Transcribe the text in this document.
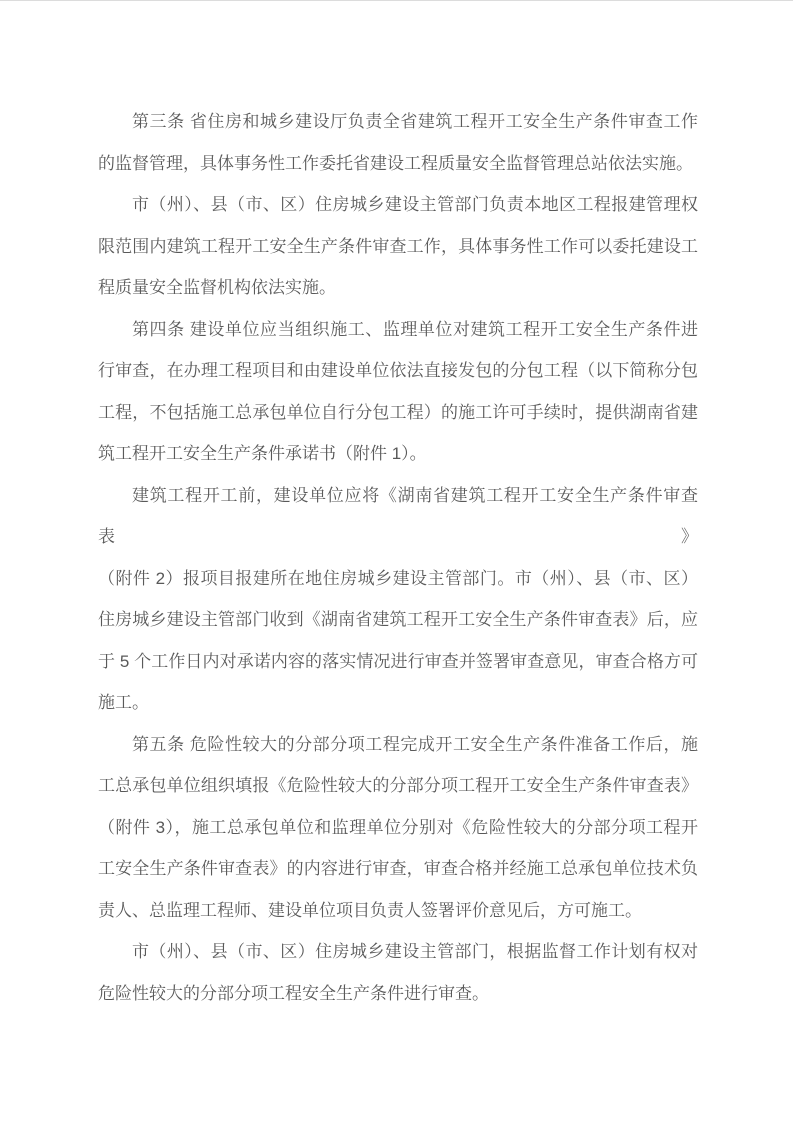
第三条 省住房和城乡建设厅负责全省建筑工程开工安全生产条件审查工作
的监督管理，具体事务性工作委托省建设工程质量安全监督管理总站依法实施。

市（州）、县（市、区）住房城乡建设主管部门负责本地区工程报建管理权
限范围内建筑工程开工安全生产条件审查工作，具体事务性工作可以委托建设工
程质量安全监督机构依法实施。

第四条 建设单位应当组织施工、监理单位对建筑工程开工安全生产条件进
行审查，在办理工程项目和由建设单位依法直接发包的分包工程（以下简称分包
工程，不包括施工总承包单位自行分包工程）的施工许可手续时，提供湖南省建
筑工程开工安全生产条件承诺书（附件 1）。

建筑工程开工前，建设单位应将《湖南省建筑工程开工安全生产条件审查表》
（附件 2）报项目报建所在地住房城乡建设主管部门。市（州）、县（市、区）
住房城乡建设主管部门收到《湖南省建筑工程开工安全生产条件审查表》后，应
于 5 个工作日内对承诺内容的落实情况进行审查并签署审查意见，审查合格方可
施工。

第五条 危险性较大的分部分项工程完成开工安全生产条件准备工作后，施
工总承包单位组织填报《危险性较大的分部分项工程开工安全生产条件审查表》
（附件 3），施工总承包单位和监理单位分别对《危险性较大的分部分项工程开
工安全生产条件审查表》的内容进行审查，审查合格并经施工总承包单位技术负
责人、总监理工程师、建设单位项目负责人签署评价意见后，方可施工。

市（州）、县（市、区）住房城乡建设主管部门，根据监督工作计划有权对
危险性较大的分部分项工程安全生产条件进行审查。
